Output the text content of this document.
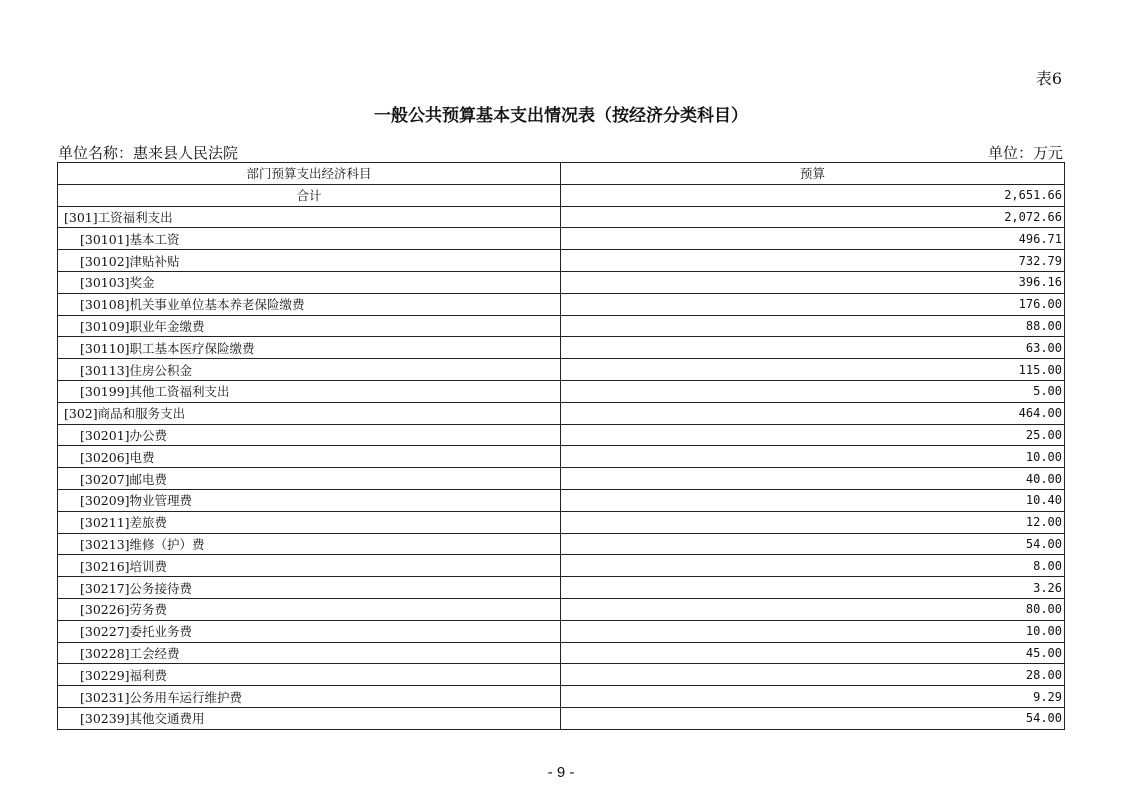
表6
一般公共预算基本支出情况表（按经济分类科目）
单位名称：惠来县人民法院	单位：万元
部门预算支出经济科目	预算
合计	2,651.66
[301]工资福利支出	2,072.66
[30101]基本工资	496.71
[30102]津贴补贴	732.79
[30103]奖金	396.16
[30108]机关事业单位基本养老保险缴费	176.00
[30109]职业年金缴费	88.00
[30110]职工基本医疗保险缴费	63.00
[30113]住房公积金	115.00
[30199]其他工资福利支出	5.00
[302]商品和服务支出	464.00
[30201]办公费	25.00
[30206]电费	10.00
[30207]邮电费	40.00
[30209]物业管理费	10.40
[30211]差旅费	12.00
[30213]维修（护）费	54.00
[30216]培训费	8.00
[30217]公务接待费	3.26
[30226]劳务费	80.00
[30227]委托业务费	10.00
[30228]工会经费	45.00
[30229]福利费	28.00
[30231]公务用车运行维护费	9.29
[30239]其他交通费用	54.00
- 9 -
